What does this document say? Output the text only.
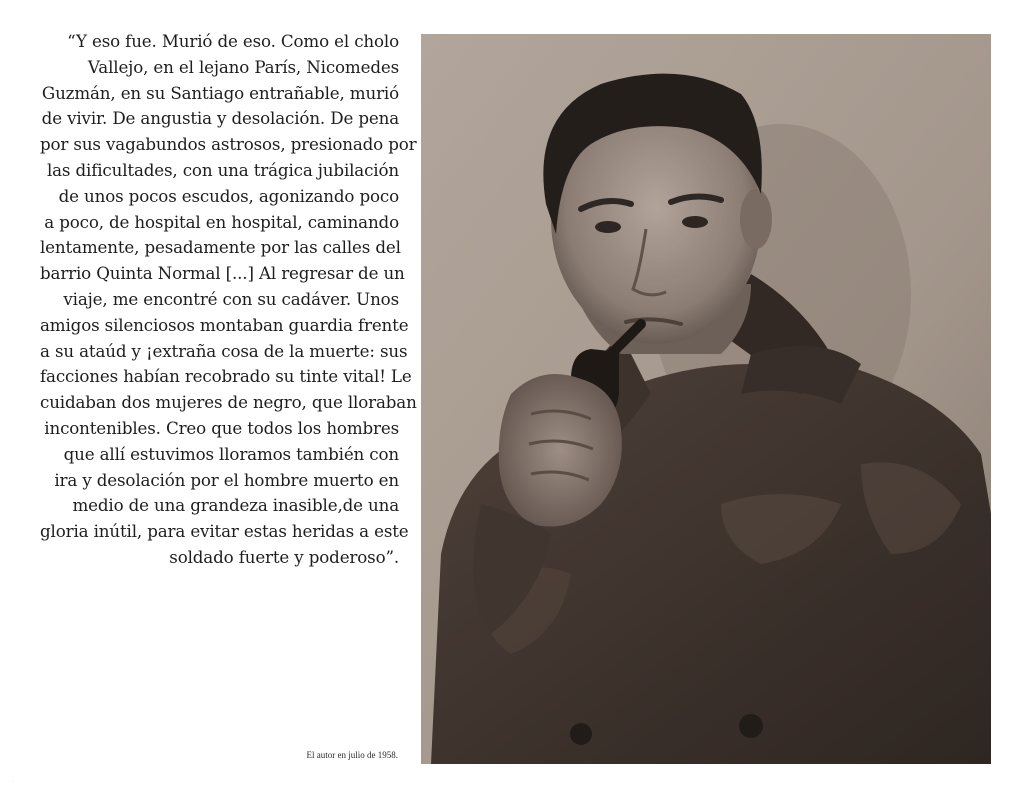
“Y eso fue. Murió de eso. Como el cholo
Vallejo, en el lejano París, Nicomedes
Guzmán, en su Santiago entrañable, murió
de vivir. De angustia y desolación. De pena
por sus vagabundos astrosos, presionado por
las dificultades, con una trágica jubilación
de unos pocos escudos, agonizando poco
a poco, de hospital en hospital, caminando
lentamente, pesadamente por las calles del
barrio Quinta Normal [...] Al regresar de un
viaje, me encontré con su cadáver. Unos
amigos silenciosos montaban guardia frente
a su ataúd y ¡extraña cosa de la muerte: sus
facciones habían recobrado su tinte vital! Le
cuidaban dos mujeres de negro, que lloraban
incontenibles. Creo que todos los hombres
que allí estuvimos lloramos también con
ira y desolación por el hombre muerto en
medio de una grandeza inasible,de una
gloria inútil, para evitar estas heridas a este
soldado fuerte y poderoso”.
El autor en julio de 1958.
·
